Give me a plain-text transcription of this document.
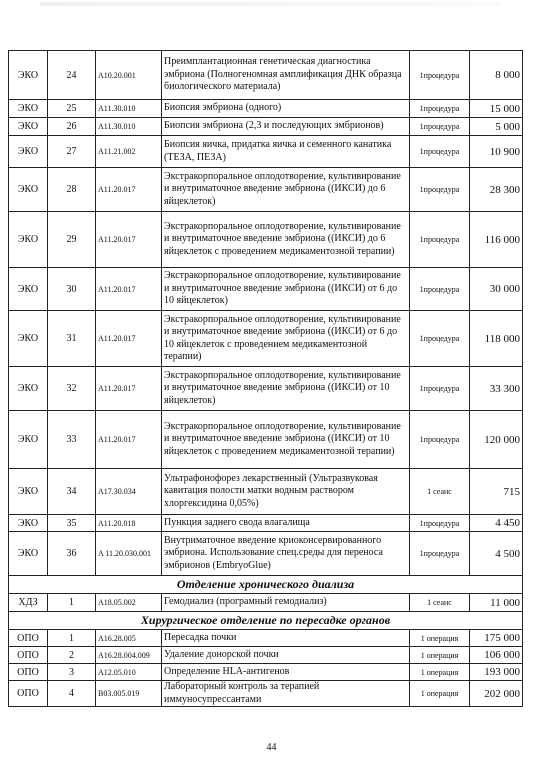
ЭКО	24	A10.20.001	Преимплантационная генетическая диагностика эмбриона (Полногеномная амплификация ДНК образца биологического материала)	1процедура	8 000
ЭКО	25	A11.30.010	Биопсия эмбриона (одного)	1процедура	15 000
ЭКО	26	A11.30.010	Биопсия эмбриона (2,3 и последующих эмбрионов)	1процедура	5 000
ЭКО	27	A11.21.002	Биопсия яичка, придатка яичка и семенного канатика (ТЕЗА, ПЕЗА)	1процедура	10 900
ЭКО	28	A11.20.017	Экстракорпоральное оплодотворение, культивирование и внутриматочное введение эмбриона ((ИКСИ) до 6 яйцеклеток)	1процедура	28 300
ЭКО	29	A11.20.017	Экстракорпоральное оплодотворение, культивирование и внутриматочное введение эмбриона ((ИКСИ) до 6 яйцеклеток с проведением медикаментозной терапии)	1процедура	116 000
ЭКО	30	A11.20.017	Экстракорпоральное оплодотворение, культивирование и внутриматочное введение эмбриона ((ИКСИ) от 6 до 10 яйцеклеток)	1процедура	30 000
ЭКО	31	A11.20.017	Экстракорпоральное оплодотворение, культивирование и внутриматочное введение эмбриона ((ИКСИ) от 6 до 10 яйцеклеток с проведением медикаментозной терапии)	1процедура	118 000
ЭКО	32	A11.20.017	Экстракорпоральное оплодотворение, культивирование и внутриматочное введение эмбриона ((ИКСИ) от 10 яйцеклеток)	1процедура	33 300
ЭКО	33	A11.20.017	Экстракорпоральное оплодотворение, культивирование и внутриматочное введение эмбриона ((ИКСИ) от 10 яйцеклеток с проведением медикаментозной терапии)	1процедура	120 000
ЭКО	34	A17.30.034	Ультрафонофорез лекарственный (Ультразвуковая кавитация полости матки водным раствором хлоргексидина 0,05%)	1 сеанс	715
ЭКО	35	A11.20.018	Пункция заднего свода влагалища	1процедура	4 450
ЭКО	36	A 11.20.030.001	Внутриматочное введение криоконсервированного эмбриона. Использование спец.среды для переноса эмбрионов (EmbryoGlue)	1процедура	4 500
Отделение хронического диализа					
ХДЗ	1	A18.05.002	Гемодиализ (програмный гемодиализ)	1 сеанс	11 000
Хирургическое отделение по пересадке органов					
ОПО	1	A16.28.005	Пересадка почки	1 операция	175 000
ОПО	2	A16.28.004.009	Удаление донорской почки	1 операция	106 000
ОПО	3	A12.05.010	Определение HLA-антигенов	1 операция	193 000
ОПО	4	B03.005.019	Лабораторный контроль за терапией иммуносупрессантами	1 операция	202 000
44
